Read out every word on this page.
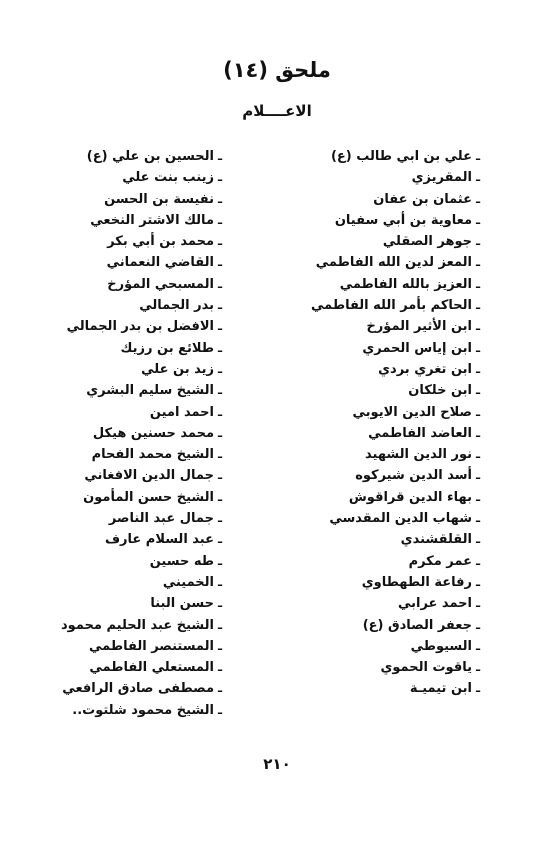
ملحق (١٤)
الاعــــلام
ـ
علي بن ابي طالب (ع)
ـ
المقريزي
ـ
عثمان بن عفان
ـ
معاوية بن أبي سفيان
ـ
جوهر الصقلي
ـ
المعز لدين الله الفاطمي
ـ
العزيز بالله الفاطمي
ـ
الحاكم بأمر الله الفاطمي
ـ
ابن الأثير المؤرخ
ـ
ابن إياس الحمري
ـ
ابن تغري بردي
ـ
ابن خلكان
ـ
صلاح الدين الايوبي
ـ
العاضد الفاطمي
ـ
نور الدين الشهيد
ـ
أسد الدين شيركوه
ـ
بهاء الدين قراقوش
ـ
شهاب الدين المقدسي
ـ
القلقشندي
ـ
عمر مكرم
ـ
رفاعة الطهطاوي
ـ
احمد عرابي
ـ
جعفر الصادق (ع)
ـ
السيوطي
ـ
ياقوت الحموي
ـ
ابن تيميـة
ـ
الحسين بن علي (ع)
ـ
زينب بنت علي
ـ
نفيسة بن الحسن
ـ
مالك الاشتر النخعي
ـ
محمد بن أبي بكر
ـ
القاضي النعماني
ـ
المسبحي المؤرخ
ـ
بدر الجمالي
ـ
الافضل بن بدر الجمالي
ـ
طلائع بن رزيك
ـ
زيد بن علي
ـ
الشيخ سليم البشري
ـ
احمد امين
ـ
محمد حسنين هيكل
ـ
الشيخ محمد الفحام
ـ
جمال الدين الافغاني
ـ
الشيخ حسن المأمون
ـ
جمال عبد الناصر
ـ
عبد السلام عارف
ـ
طه حسين
ـ
الخميني
ـ
حسن البنا
ـ
الشيخ عبد الحليم محمود
ـ
المستنصر الفاطمي
ـ
المستعلي الفاطمي
ـ
مصطفى صادق الرافعي
ـ
الشيخ محمود شلتوت..
٢١٠
